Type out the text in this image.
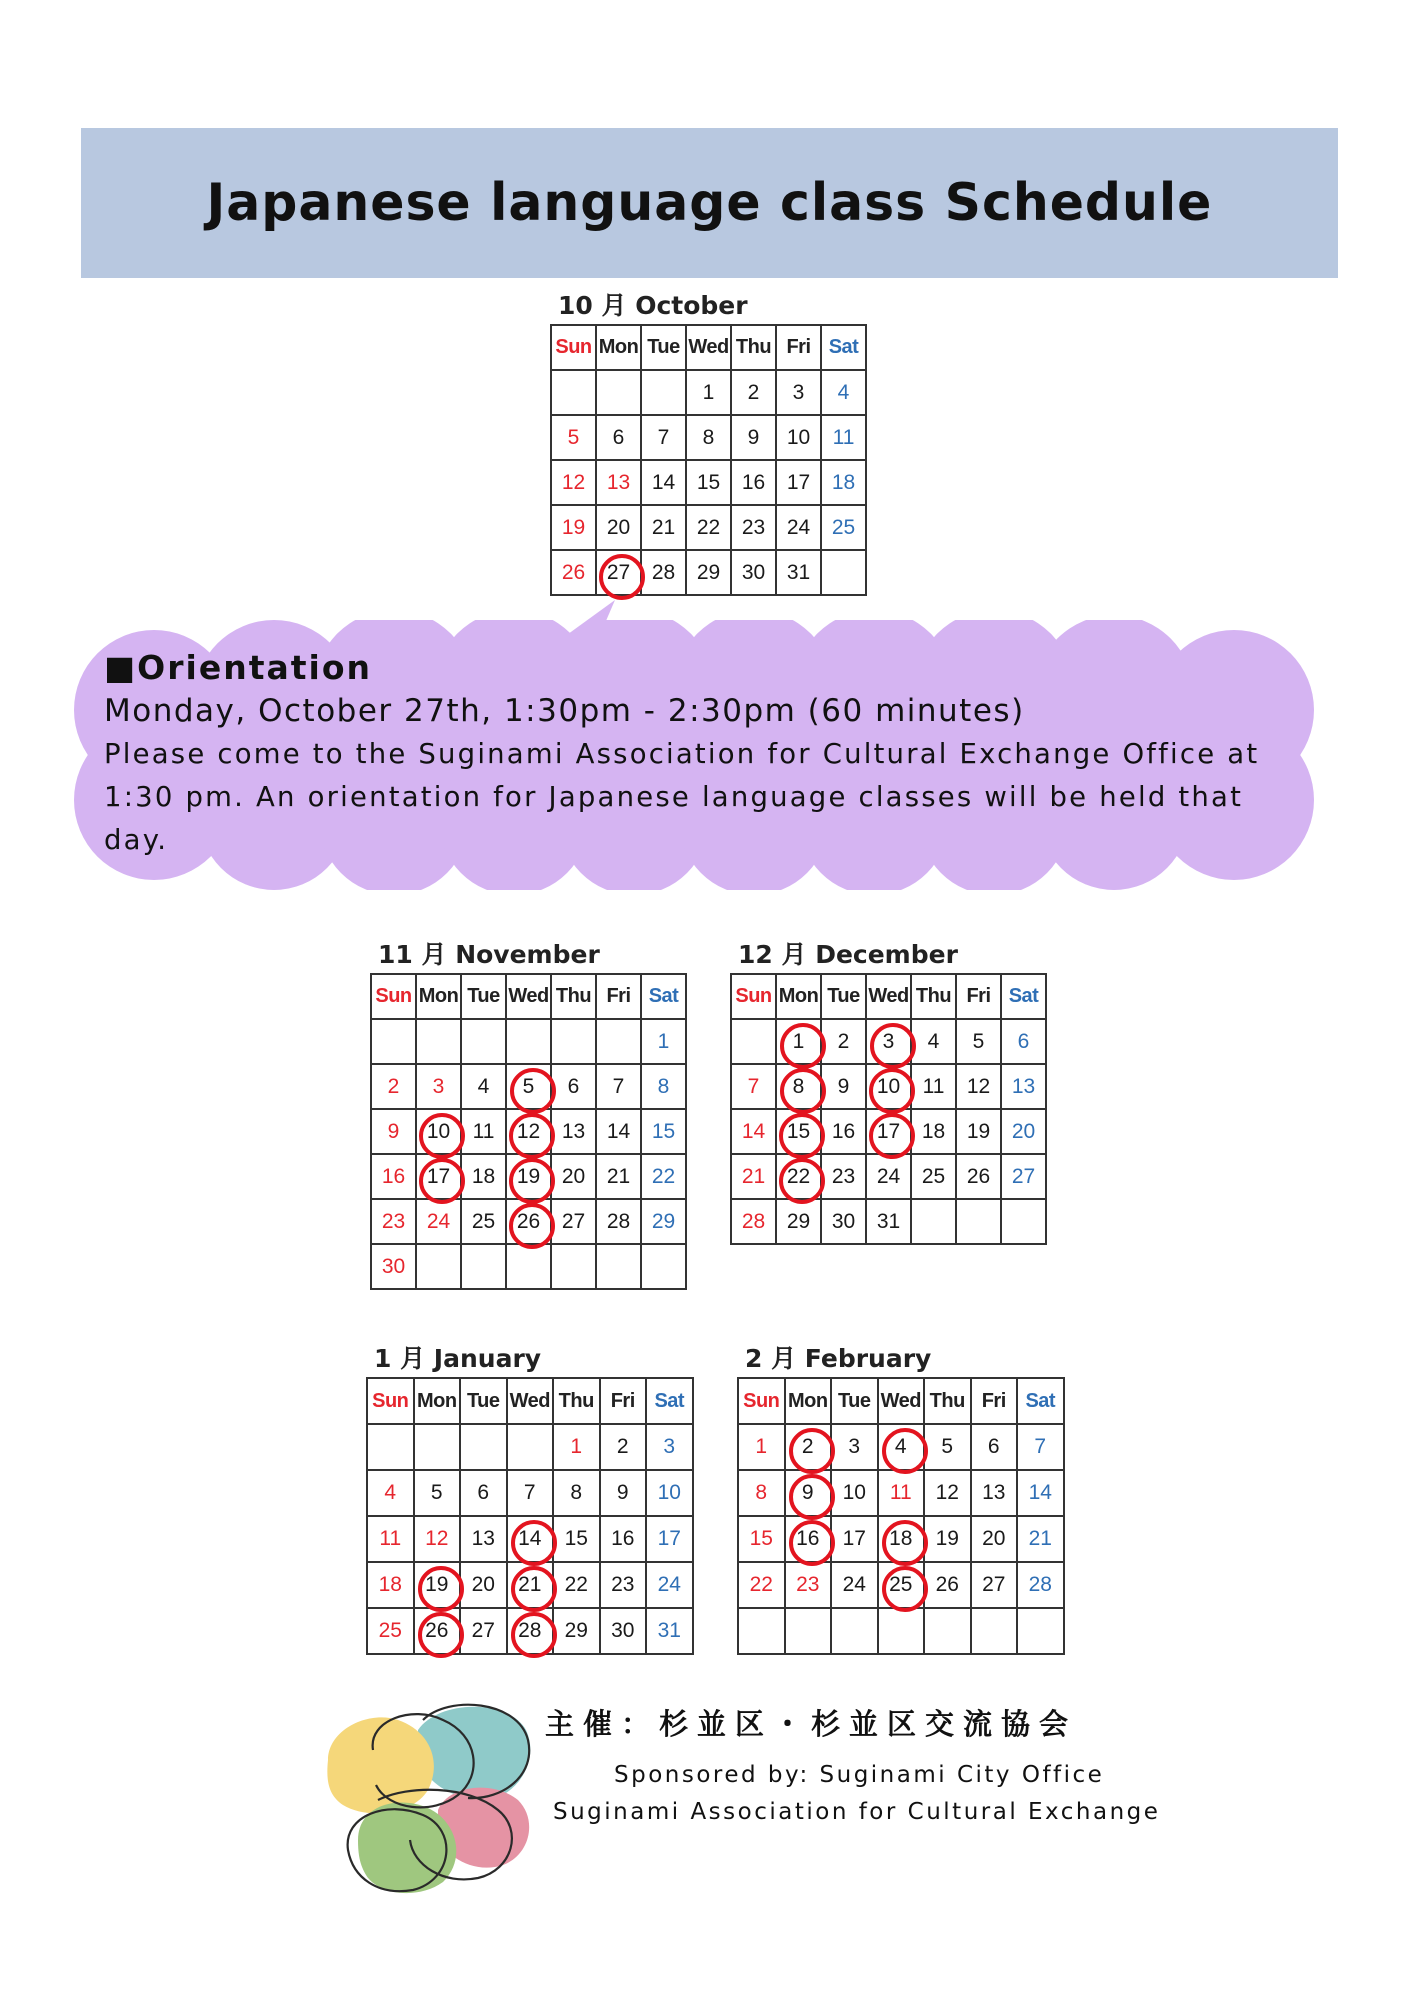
Japanese language class Schedule
10 月 October
Sun	Mon	Tue	Wed	Thu	Fri	Sat
			1	2	3	4
5	6	7	8	9	10	11
12	13	14	15	16	17	18
19	20	21	22	23	24	25
26	27	28	29	30	31	
■Orientation
Monday, October 27th, 1:30pm - 2:30pm (60 minutes)
Please come to the Suginami Association for Cultural Exchange Office at 1:30 pm. An orientation for Japanese language classes will be held that day.
11 月 November
Sun	Mon	Tue	Wed	Thu	Fri	Sat
						1
2	3	4	5	6	7	8
9	10	11	12	13	14	15
16	17	18	19	20	21	22
23	24	25	26	27	28	29
30						
12 月 December
Sun	Mon	Tue	Wed	Thu	Fri	Sat
	1	2	3	4	5	6
7	8	9	10	11	12	13
14	15	16	17	18	19	20
21	22	23	24	25	26	27
28	29	30	31			
1 月 January
Sun	Mon	Tue	Wed	Thu	Fri	Sat
				1	2	3
4	5	6	7	8	9	10
11	12	13	14	15	16	17
18	19	20	21	22	23	24
25	26	27	28	29	30	31
2 月 February
Sun	Mon	Tue	Wed	Thu	Fri	Sat
1	2	3	4	5	6	7
8	9	10	11	12	13	14
15	16	17	18	19	20	21
22	23	24	25	26	27	28

主催：杉並区・杉並区交流協会
Sponsored by: Suginami City Office
Suginami Association for Cultural Exchange
